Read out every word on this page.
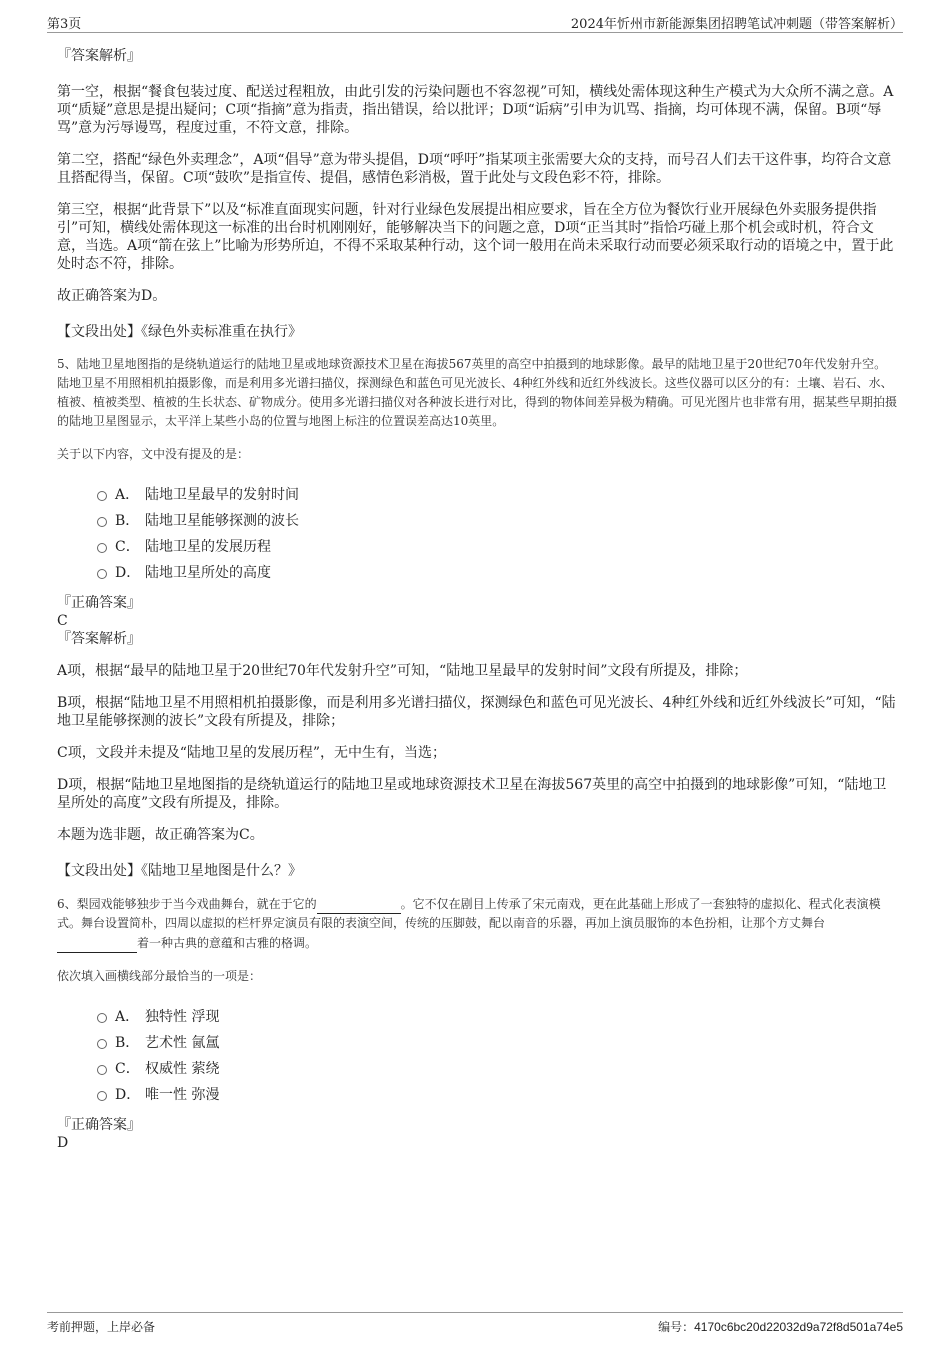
第3页	2024年忻州市新能源集团招聘笔试冲刺题（带答案解析）

『答案解析』

第一空，根据“餐食包装过度、配送过程粗放，由此引发的污染问题也不容忽视”可知，横线处需体现这种生产模式为大众所不满之意。A项“质疑”意思是提出疑问；C项“指摘”意为指责，指出错误，给以批评；D项“诟病”引申为讥骂、指摘，均可体现不满，保留。B项“辱骂”意为污辱谩骂，程度过重，不符文意，排除。

第二空，搭配“绿色外卖理念”，A项“倡导”意为带头提倡，D项“呼吁”指某项主张需要大众的支持，而号召人们去干这件事，均符合文意且搭配得当，保留。C项“鼓吹”是指宣传、提倡，感情色彩消极，置于此处与文段色彩不符，排除。

第三空，根据“此背景下”以及“标准直面现实问题，针对行业绿色发展提出相应要求，旨在全方位为餐饮行业开展绿色外卖服务提供指引”可知，横线处需体现这一标准的出台时机刚刚好，能够解决当下的问题之意，D项“正当其时”指恰巧碰上那个机会或时机，符合文意，当选。A项“箭在弦上”比喻为形势所迫，不得不采取某种行动，这个词一般用在尚未采取行动而要必须采取行动的语境之中，置于此处时态不符，排除。

故正确答案为D。

【文段出处】《绿色外卖标准重在执行》

5、陆地卫星地图指的是绕轨道运行的陆地卫星或地球资源技术卫星在海拔567英里的高空中拍摄到的地球影像。最早的陆地卫星于20世纪70年代发射升空。陆地卫星不用照相机拍摄影像，而是利用多光谱扫描仪，探测绿色和蓝色可见光波长、4种红外线和近红外线波长。这些仪器可以区分的有：土壤、岩石、水、植被、植被类型、植被的生长状态、矿物成分。使用多光谱扫描仪对各种波长进行对比，得到的物体间差异极为精确。可见光图片也非常有用，据某些早期拍摄的陆地卫星图显示，太平洋上某些小岛的位置与地图上标注的位置误差高达10英里。

关于以下内容，文中没有提及的是：

A． 陆地卫星最早的发射时间
B． 陆地卫星能够探测的波长
C． 陆地卫星的发展历程
D． 陆地卫星所处的高度

『正确答案』

C

『答案解析』

A项，根据“最早的陆地卫星于20世纪70年代发射升空”可知，“陆地卫星最早的发射时间”文段有所提及，排除；

B项，根据“陆地卫星不用照相机拍摄影像，而是利用多光谱扫描仪，探测绿色和蓝色可见光波长、4种红外线和近红外线波长”可知，“陆地卫星能够探测的波长”文段有所提及，排除；

C项，文段并未提及“陆地卫星的发展历程”，无中生有，当选；

D项，根据“陆地卫星地图指的是绕轨道运行的陆地卫星或地球资源技术卫星在海拔567英里的高空中拍摄到的地球影像”可知，“陆地卫星所处的高度”文段有所提及，排除。

本题为选非题，故正确答案为C。

【文段出处】《陆地卫星地图是什么？》

6、梨园戏能够独步于当今戏曲舞台，就在于它的	。它不仅在剧目上传承了宋元南戏，更在此基础上形成了一套独特的虚拟化、程式化表演模式。舞台设置简朴，四周以虚拟的栏杆界定演员有限的表演空间，传统的压脚鼓，配以南音的乐器，再加上演员服饰的本色扮相，让那个方丈舞台 着一种古典的意蕴和古雅的格调。

依次填入画横线部分最恰当的一项是：

A． 独特性 浮现
B． 艺术性 氤氲
C． 权威性 萦绕
D． 唯一性 弥漫

『正确答案』

D

考前押题，上岸必备	编号：4170c6bc20d22032d9a72f8d501a74e5
